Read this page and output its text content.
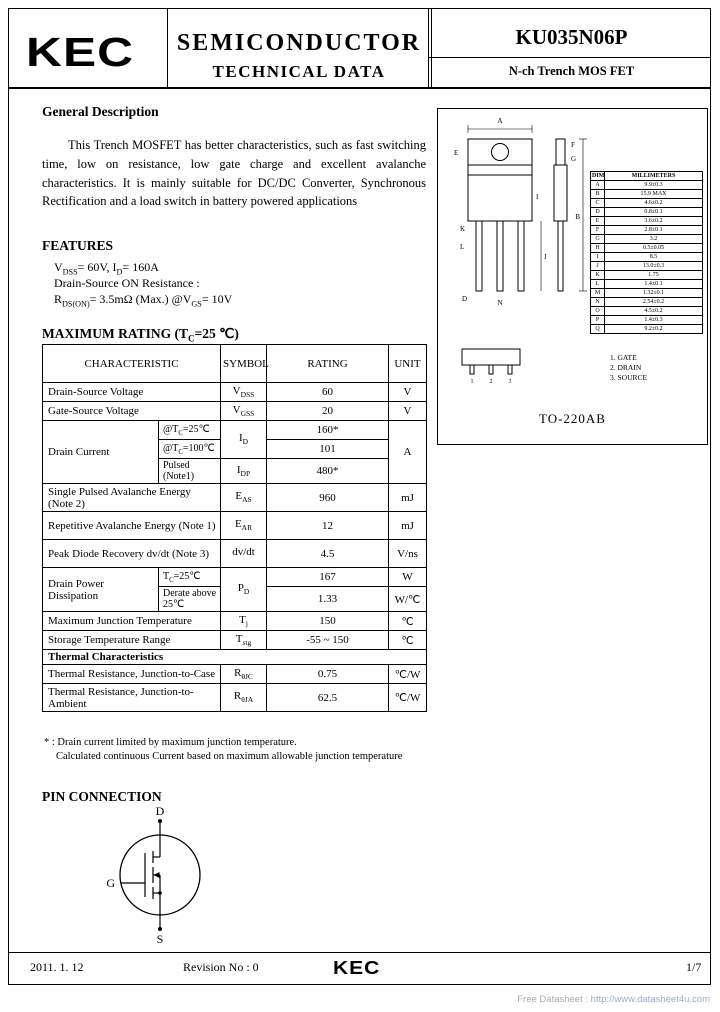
KEC SEMICONDUCTOR
TECHNICAL DATA
KU035N06P
N-ch Trench MOS FET
General Description
This Trench MOSFET has better characteristics, such as fast switching time, low on resistance, low gate charge and excellent avalanche characteristics. It is mainly suitable for DC/DC Converter, Synchronous Rectification and a load switch in battery powered applications
FEATURES
$V_{DSS}= 60V$, $I_D= 160A$
Drain-Source ON Resistance :
$R_{DS(ON)}= 3.5m\Omega$ (Max.) $@V_{GS}= 10V$
MAXIMUM RATING ($T_C=25$ ℃)
CHARACTERISTIC		SYMBOL	RATING	UNIT
Drain-Source Voltage		$V_{DSS}$	60	V
Gate-Source Voltage		$V_{GSS}$	20	V
Drain Current	$@T_C=25℃$	$I_D$	160*	A
	$@T_C=100℃$		101	
	Pulsed (Note1)	$I_{DP}$	480*	
Single Pulsed Avalanche Energy (Note 2)		$E_{AS}$	960	mJ
Repetitive Avalanche Energy (Note 1)		$E_{AR}$	12	mJ
Peak Diode Recovery dv/dt (Note 3)		dv/dt	4.5	V/ns
Drain Power Dissipation	$T_C=25℃$	$P_D$	167	W
	Derate above 25℃		1.33	W/℃
Maximum Junction Temperature		$T_j$	150	℃
Storage Temperature Range		$T_{stg}$	-55 ~ 150	℃
Thermal Characteristics				
Thermal Resistance, Junction-to-Case		$R_{\theta JC}$	0.75	℃/W
Thermal Resistance, Junction-to-Ambient		$R_{\theta JA}$	62.5	℃/W
* : Drain current limited by maximum junction temperature.
Calculated continuous Current based on maximum allowable junction temperature
A
E
F
G
B
I
J
K
L
D	N
1	2	3
DIM	MILLIMETERS
A	9.9±0.3
B	15.9 MAX
C	4.6±0.2
D	0.8±0.1
E	3.6±0.2
F	2.8±0.1
G	3.2
H	0.5±0.05
I	8.5
J	13.0±0.3
K	1.75
L	1.4±0.1
M	1.32±0.1
N	2.54±0.2
O	4.5±0.2
P	1.4±0.3
Q	9.2±0.2
1. GATE
2. DRAIN
3. SOURCE
TO-220AB
PIN CONNECTION
D
G
S
2011. 1. 12	Revision No : 0	KEC	1/7
Free Datasheet : http://www.datasheet4u.com
